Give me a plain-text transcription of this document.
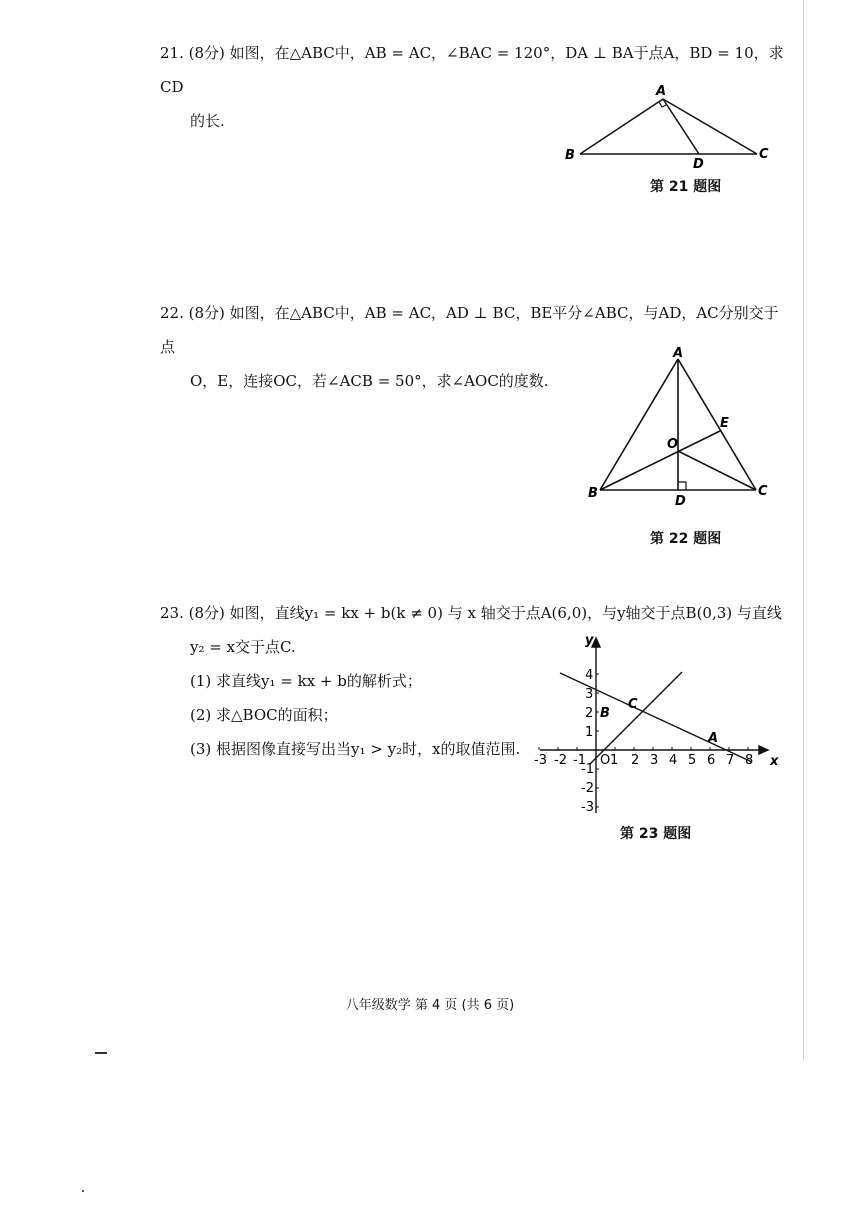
21. (8分) 如图，在△ABC中，AB = AC，∠BAC = 120°，DA ⊥ BA于点A，BD = 10，求CD

的长.

A
B	C
D
第 21 题图

22. (8分) 如图，在△ABC中，AB = AC，AD ⊥ BC，BE平分∠ABC，与AD，AC分别交于点

O，E，连接OC，若∠ACB = 50°，求∠AOC的度数.

A
B	C
D
E
O
第 22 题图

23. (8分) 如图，直线y₁ = kx + b(k ≠ 0) 与 x 轴交于点A(6,0)，与y轴交于点B(0,3) 与直线

y₂ = x交于点C.

(1) 求直线y₁ = kx + b的解析式；

(2) 求△BOC的面积；

(3) 根据图像直接写出当y₁ > y₂时，x的取值范围.

x
y
O
B
C
A
-3 -2 -1 1 2 3 4 5 6 7 8
4
3
2
1
-1
-2
-3
第 23 题图
八年级数学 第 4 页 (共 6 页)
